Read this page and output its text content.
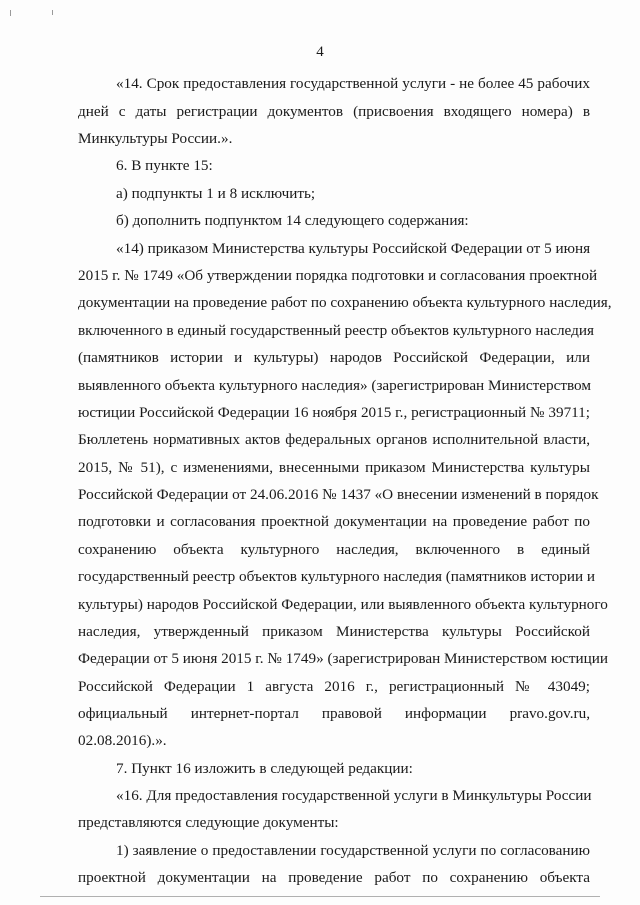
4
«14. Срок предоставления государственной услуги - не более 45 рабочих
дней с даты регистрации документов (присвоения входящего номера) в
Минкультуры России.».
6. В пункте 15:
а) подпункты 1 и 8 исключить;
б) дополнить подпунктом 14 следующего содержания:
«14) приказом Министерства культуры Российской Федерации от 5 июня
2015 г. № 1749 «Об утверждении порядка подготовки и согласования проектной
документации на проведение работ по сохранению объекта культурного наследия,
включенного в единый государственный реестр объектов культурного наследия
(памятников истории и культуры) народов Российской Федерации, или
выявленного объекта культурного наследия» (зарегистрирован Министерством
юстиции Российской Федерации 16 ноября 2015 г., регистрационный № 39711;
Бюллетень нормативных актов федеральных органов исполнительной власти,
2015, № 51), с изменениями, внесенными приказом Министерства культуры
Российской Федерации от 24.06.2016 № 1437 «О внесении изменений в порядок
подготовки и согласования проектной документации на проведение работ по
сохранению объекта культурного наследия, включенного в единый
государственный реестр объектов культурного наследия (памятников истории и
культуры) народов Российской Федерации, или выявленного объекта культурного
наследия, утвержденный приказом Министерства культуры Российской
Федерации от 5 июня 2015 г. № 1749» (зарегистрирован Министерством юстиции
Российской Федерации 1 августа 2016 г., регистрационный № 43049;
официальный интернет-портал правовой информации pravo.gov.ru,
02.08.2016).».
7. Пункт 16 изложить в следующей редакции:
«16. Для предоставления государственной услуги в Минкультуры России
представляются следующие документы:
1) заявление о предоставлении государственной услуги по согласованию
проектной документации на проведение работ по сохранению объекта
